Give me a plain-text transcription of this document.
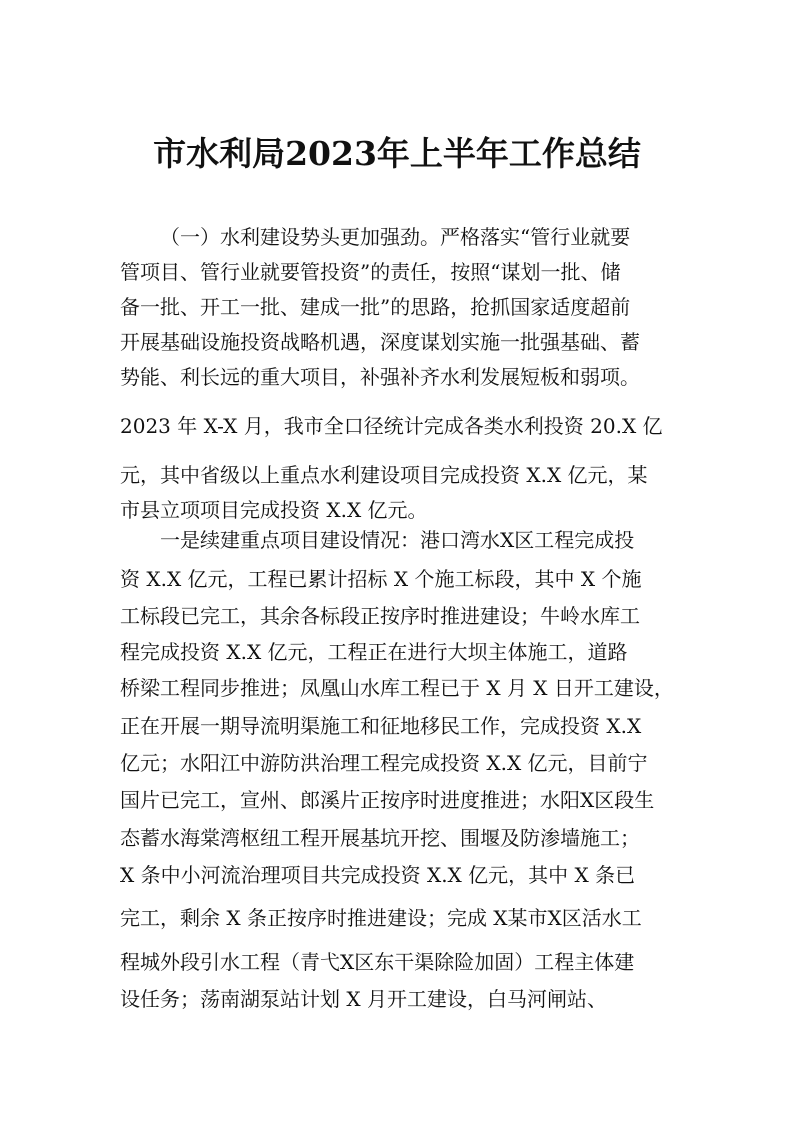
市水利局2023年上半年工作总结
（一）水利建设势头更加强劲。严格落实“管行业就要
管项目、管行业就要管投资”的责任，按照“谋划一批、储
备一批、开工一批、建成一批”的思路，抢抓国家适度超前
开展基础设施投资战略机遇，深度谋划实施一批强基础、蓄
势能、利长远的重大项目，补强补齐水利发展短板和弱项。
2023 年 X-X 月，我市全口径统计完成各类水利投资 20.X 亿
元，其中省级以上重点水利建设项目完成投资 X.X 亿元，某
市县立项项目完成投资 X.X 亿元。
一是续建重点项目建设情况：港口湾水X区工程完成投
资 X.X 亿元，工程已累计招标 X 个施工标段，其中 X 个施
工标段已完工，其余各标段正按序时推进建设；牛岭水库工
程完成投资 X.X 亿元，工程正在进行大坝主体施工，道路
桥梁工程同步推进；凤凰山水库工程已于 X 月 X 日开工建设，
正在开展一期导流明渠施工和征地移民工作，完成投资 X.X
亿元；水阳江中游防洪治理工程完成投资 X.X 亿元，目前宁
国片已完工，宣州、郎溪片正按序时进度推进；水阳X区段生
态蓄水海棠湾枢纽工程开展基坑开挖、围堰及防渗墙施工；
X 条中小河流治理项目共完成投资 X.X 亿元，其中 X 条已
完工，剩余 X 条正按序时推进建设；完成 X某市X区活水工
程城外段引水工程（青弋X区东干渠除险加固）工程主体建
设任务；荡南湖泵站计划 X 月开工建设，白马河闸站、
